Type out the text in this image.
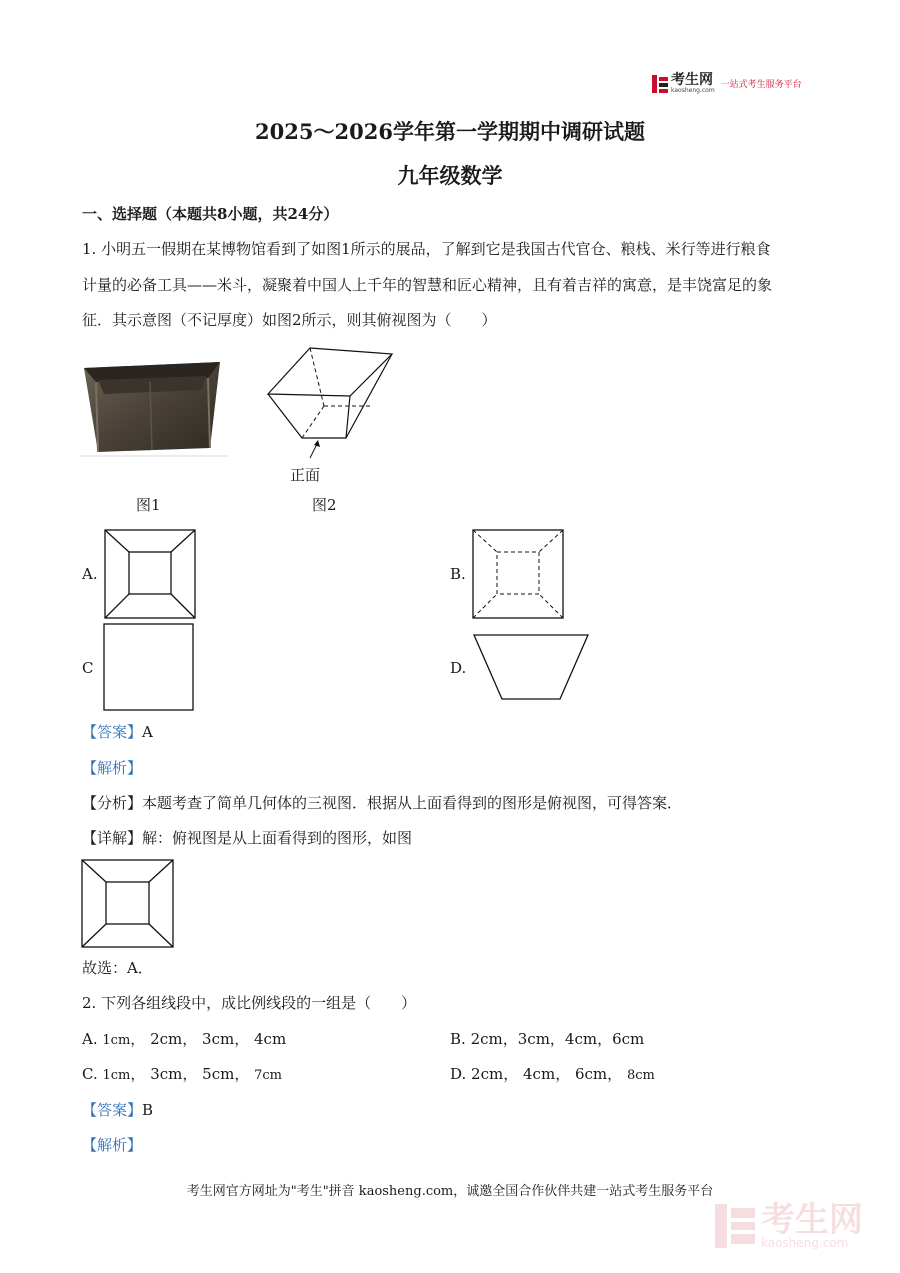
考生网
kaosheng.com
一站式考生服务平台
2025～2026学年第一学期期中调研试题
九年级数学
一、选择题（本题共8小题，共24分）
1. 小明五一假期在某博物馆看到了如图1所示的展品，了解到它是我国古代官仓、粮栈、米行等进行粮食
计量的必备工具——米斗，凝聚着中国人上千年的智慧和匠心精神，且有着吉祥的寓意，是丰饶富足的象
征．其示意图（不记厚度）如图2所示，则其俯视图为（　　）
正面
图1	图2
A.	B.
C	D.
【答案】A
【解析】
【分析】本题考查了简单几何体的三视图．根据从上面看得到的图形是俯视图，可得答案．
【详解】解：俯视图是从上面看得到的图形，如图
故选：A．
2. 下列各组线段中，成比例线段的一组是（　　）
A. 1cm， 2cm， 3cm， 4cm	B. 2cm，3cm，4cm，6cm
C. 1cm， 3cm， 5cm， 7cm	D. 2cm， 4cm， 6cm， 8cm
【答案】B
【解析】
考生网官方网址为"考生"拼音 kaosheng.com，诚邀全国合作伙伴共建一站式考生服务平台
考生网
kaosheng.com
